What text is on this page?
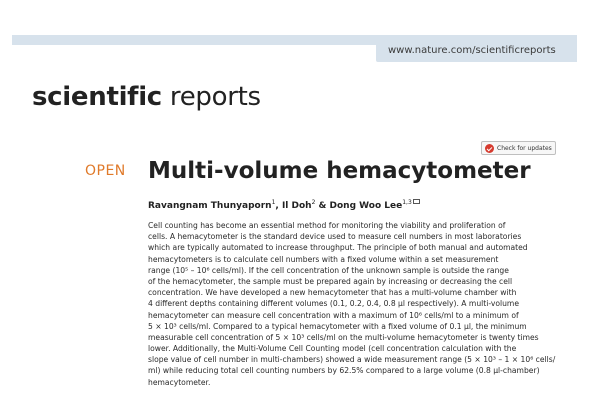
www.nature.com/scientificreports
scientific reports
Check for updates
OPEN Multi-volume hemacytometer
Ravangnam Thunyaporn$^1$, Il Doh$^2$ & Dong Woo Lee$^{1,3}$
Cell counting has become an essential method for monitoring the viability and proliferation of
cells. A hemacytometer is the standard device used to measure cell numbers in most laboratories
which are typically automated to increase throughput. The principle of both manual and automated
hemacytometers is to calculate cell numbers with a fixed volume within a set measurement
range (10⁵ – 10⁶ cells/ml). If the cell concentration of the unknown sample is outside the range
of the hemacytometer, the sample must be prepared again by increasing or decreasing the cell
concentration. We have developed a new hemacytometer that has a multi-volume chamber with
4 different depths containing different volumes (0.1, 0.2, 0.4, 0.8 µl respectively). A multi-volume
hemacytometer can measure cell concentration with a maximum of 10⁶ cells/ml to a minimum of
5 × 10³ cells/ml. Compared to a typical hemacytometer with a fixed volume of 0.1 µl, the minimum
measurable cell concentration of 5 × 10³ cells/ml on the multi-volume hemacytometer is twenty times
lower. Additionally, the Multi-Volume Cell Counting model (cell concentration calculation with the
slope value of cell number in multi-chambers) showed a wide measurement range (5 × 10³ – 1 × 10⁶ cells/
ml) while reducing total cell counting numbers by 62.5% compared to a large volume (0.8 µl-chamber)
hemacytometer.
